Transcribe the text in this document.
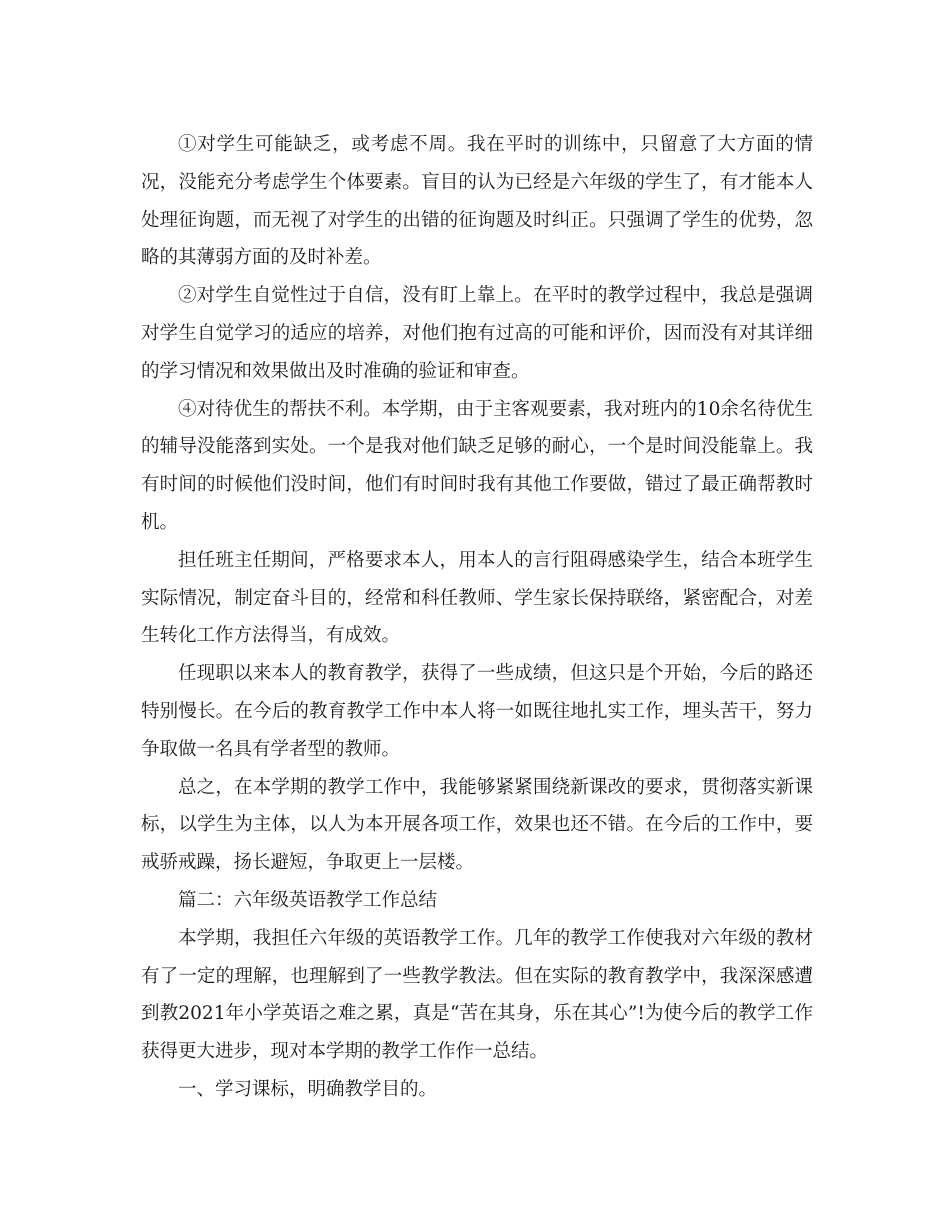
①对学生可能缺乏，或考虑不周。我在平时的训练中，只留意了大方面的情况，没能充分考虑学生个体要素。盲目的认为已经是六年级的学生了，有才能本人处理征询题，而无视了对学生的出错的征询题及时纠正。只强调了学生的优势，忽略的其薄弱方面的及时补差。

②对学生自觉性过于自信，没有盯上靠上。在平时的教学过程中，我总是强调对学生自觉学习的适应的培养，对他们抱有过高的可能和评价，因而没有对其详细的学习情况和效果做出及时准确的验证和审查。

④对待优生的帮扶不利。本学期，由于主客观要素，我对班内的10余名待优生的辅导没能落到实处。一个是我对他们缺乏足够的耐心，一个是时间没能靠上。我有时间的时候他们没时间，他们有时间时我有其他工作要做，错过了最正确帮教时机。

担任班主任期间，严格要求本人，用本人的言行阻碍感染学生，结合本班学生实际情况，制定奋斗目的，经常和科任教师、学生家长保持联络，紧密配合，对差生转化工作方法得当，有成效。

任现职以来本人的教育教学，获得了一些成绩，但这只是个开始，今后的路还特别慢长。在今后的教育教学工作中本人将一如既往地扎实工作，埋头苦干，努力争取做一名具有学者型的教师。

总之，在本学期的教学工作中，我能够紧紧围绕新课改的要求，贯彻落实新课标，以学生为主体，以人为本开展各项工作，效果也还不错。在今后的工作中，要戒骄戒躁，扬长避短，争取更上一层楼。

篇二：六年级英语教学工作总结

本学期，我担任六年级的英语教学工作。几年的教学工作使我对六年级的教材有了一定的理解，也理解到了一些教学教法。但在实际的教育教学中，我深深感遭到教2021年小学英语之难之累，真是“苦在其身，乐在其心”!为使今后的教学工作获得更大进步，现对本学期的教学工作作一总结。

一、学习课标，明确教学目的。
